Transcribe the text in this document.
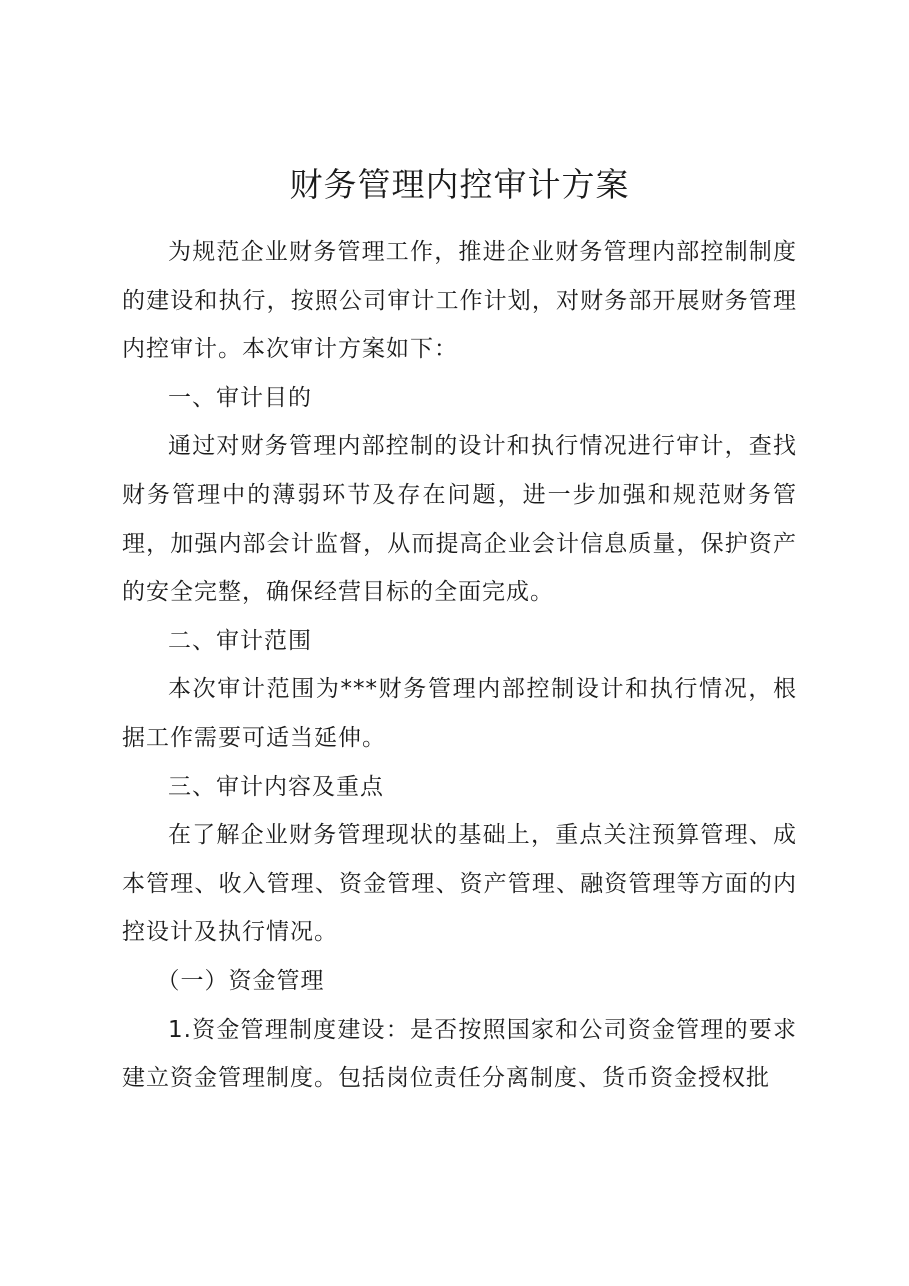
财务管理内控审计方案

为规范企业财务管理工作，推进企业财务管理内部控制制度的建设和执行，按照公司审计工作计划，对财务部开展财务管理内控审计。本次审计方案如下：

一、审计目的

通过对财务管理内部控制的设计和执行情况进行审计，查找财务管理中的薄弱环节及存在问题，进一步加强和规范财务管理，加强内部会计监督，从而提高企业会计信息质量，保护资产的安全完整，确保经营目标的全面完成。

二、审计范围

本次审计范围为***财务管理内部控制设计和执行情况，根据工作需要可适当延伸。

三、审计内容及重点

在了解企业财务管理现状的基础上，重点关注预算管理、成本管理、收入管理、资金管理、资产管理、融资管理等方面的内控设计及执行情况。

（一）资金管理

1.资金管理制度建设：是否按照国家和公司资金管理的要求建立资金管理制度。包括岗位责任分离制度、货币资金授权批
